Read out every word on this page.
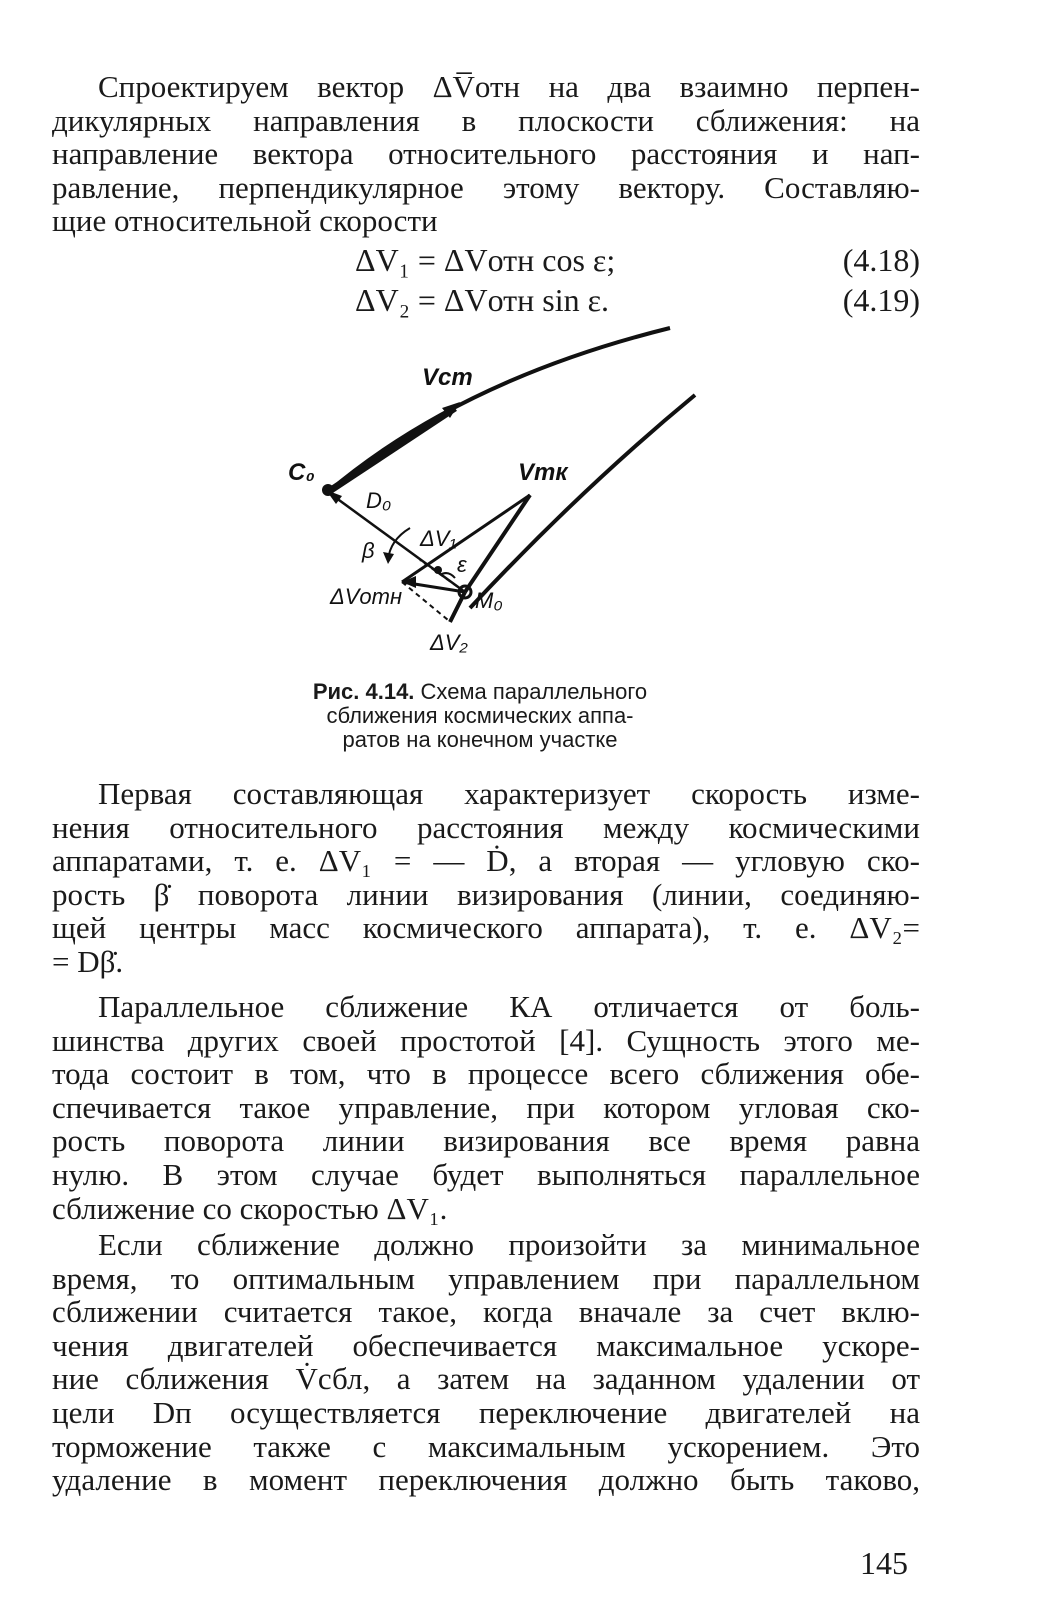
Спроектируем вектор ΔV̅отн на два взаимно перпен-
дикулярных направления в плоскости сближения: на
направление вектора относительного расстояния и нап-
равление, перпендикулярное этому вектору. Составляю-
щие относительной скорости
ΔV₁ = ΔVотн cos ε;	(4.18)
ΔV₂ = ΔVотн sin ε.	(4.19)
Vст
C₀
D₀
Vтк
β ΔV₁
ε
M₀
ΔVотн
ΔV₂
Рис. 4.14. Схема параллельного
сближения космических аппа-
ратов на конечном участке
Первая составляющая характеризует скорость изме-
нения относительного расстояния между космическими
аппаратами, т. е. ΔV₁ = — Ḋ, а вторая — угловую ско-
рость β̇ поворота линии визирования (линии, соединяю-
щей центры масс космического аппарата), т. е. ΔV₂=
= Dβ̇.
Параллельное сближение КА отличается от боль-
шинства других своей простотой [4]. Сущность этого ме-
тода состоит в том, что в процессе всего сближения обе-
спечивается такое управление, при котором угловая ско-
рость поворота линии визирования все время равна
нулю. В этом случае будет выполняться параллельное
сближение со скоростью ΔV₁.
Если сближение должно произойти за минимальное
время, то оптимальным управлением при параллельном
сближении считается такое, когда вначале за счет вклю-
чения двигателей обеспечивается максимальное ускоре-
ние сближения V̇сбл, а затем на заданном удалении от
цели Dп осуществляется переключение двигателей на
торможение также с максимальным ускорением. Это
удаление в момент переключения должно быть таково,
145
